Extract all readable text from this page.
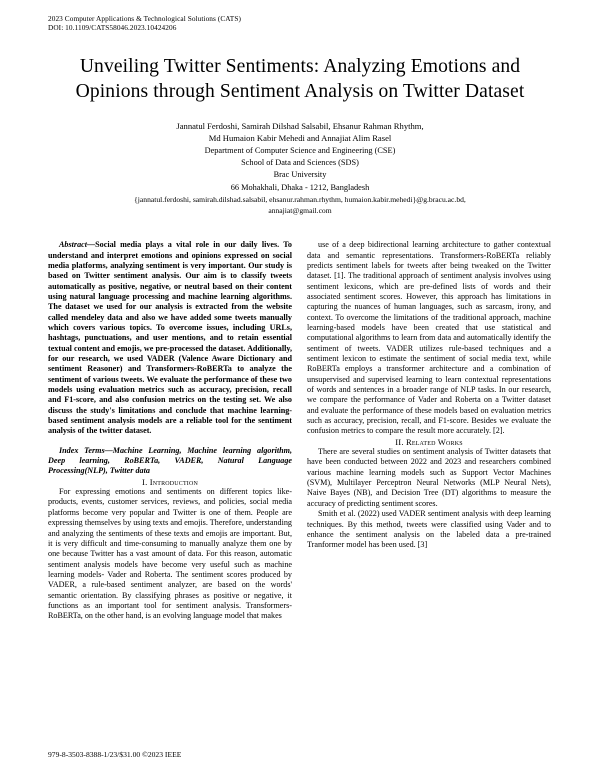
2023 Computer Applications & Technological Solutions (CATS)
DOI: 10.1109/CATS58046.2023.10424206
Unveiling Twitter Sentiments: Analyzing Emotions and Opinions through Sentiment Analysis on Twitter Dataset
Jannatul Ferdoshi, Samirah Dilshad Salsabil, Ehsanur Rahman Rhythm,
Md Humaion Kabir Mehedi and Annajiat Alim Rasel
Department of Computer Science and Engineering (CSE)
School of Data and Sciences (SDS)
Brac University
66 Mohakhali, Dhaka - 1212, Bangladesh
{jannatul.ferdoshi, samirah.dilshad.salsabil, ehsanur.rahman.rhythm, humaion.kabir.mehedi}@g.bracu.ac.bd,
annajiat@gmail.com

Abstract—Social media plays a vital role in our daily lives. To understand and interpret emotions and opinions expressed on social media platforms, analyzing sentiment is very important. Our study is based on Twitter sentiment analysis. Our aim is to classify tweets automatically as positive, negative, or neutral based on their content using natural language processing and machine learning algorithms. The dataset we used for our analysis is extracted from the website called mendeley data and also we have added some tweets manually which covers various topics. To overcome issues, including URLs, hashtags, punctuations, and user mentions, and to retain essential textual content and emojis, we pre-processed the dataset. Additionally, for our research, we used VADER (Valence Aware Dictionary and sentiment Reasoner) and Transformers-RoBERTa to analyze the sentiment of various tweets. We evaluate the performance of these two models using evaluation metrics such as accuracy, precision, recall and F1-score, and also confusion metrics on the testing set. We also discuss the study's limitations and conclude that machine learning-based sentiment analysis models are a reliable tool for the sentiment analysis of the twitter dataset.

Index Terms—Machine Learning, Machine learning algorithm, Deep learning, RoBERTa, VADER, Natural Language Processing(NLP), Twitter data

I. Introduction

For expressing emotions and sentiments on different topics like- products, events, customer services, reviews, and policies, social media platforms become very popular and Twitter is one of them. People are expressing themselves by using texts and emojis. Therefore, understanding and analyzing the sentiments of these texts and emojis are important. But, it is very difficult and time-consuming to manually analyze them one by one because Twitter has a vast amount of data. For this reason, automatic sentiment analysis models have become very useful such as machine learning models- Vader and Roberta. The sentiment scores produced by VADER, a rule-based sentiment analyzer, are based on the words' semantic orientation. By classifying phrases as positive or negative, it functions as an important tool for sentiment analysis. Transformers-RoBERTa, on the other hand, is an evolving language model that makes

use of a deep bidirectional learning architecture to gather contextual data and semantic representations. Transformers-RoBERTa reliably predicts sentiment labels for tweets after being tweaked on the Twitter dataset. [1]. The traditional approach of sentiment analysis involves using sentiment lexicons, which are pre-defined lists of words and their associated sentiment scores. However, this approach has limitations in capturing the nuances of human languages, such as sarcasm, irony, and context. To overcome the limitations of the traditional approach, machine learning-based models have been created that use statistical and computational algorithms to learn from data and automatically identify the sentiment of tweets. VADER utilizes rule-based techniques and a sentiment lexicon to estimate the sentiment of social media text, while RoBERTa employs a transformer architecture and a combination of unsupervised and supervised learning to learn contextual representations of words and sentences in a broader range of NLP tasks. In our research, we compare the performance of Vader and Roberta on a Twitter dataset and evaluate the performance of these models based on evaluation metrics such as accuracy, precision, recall, and F1-score. Besides we evaluate the confusion metrics to compare the result more accurately. [2].

II. Related Works

There are several studies on sentiment analysis of Twitter datasets that have been conducted between 2022 and 2023 and researchers combined various machine learning models such as Support Vector Machines (SVM), Multilayer Perceptron Neural Networks (MLP Neural Nets), Naive Bayes (NB), and Decision Tree (DT) algorithms to measure the accuracy of predicting sentiment scores.

Smith et al. (2022) used VADER sentiment analysis with deep learning techniques. By this method, tweets were classified using Vader and to enhance the sentiment analysis on the labeled data a pre-trained Tranformer model has been used. [3]

979-8-3503-8388-1/23/$31.00 ©2023 IEEE
